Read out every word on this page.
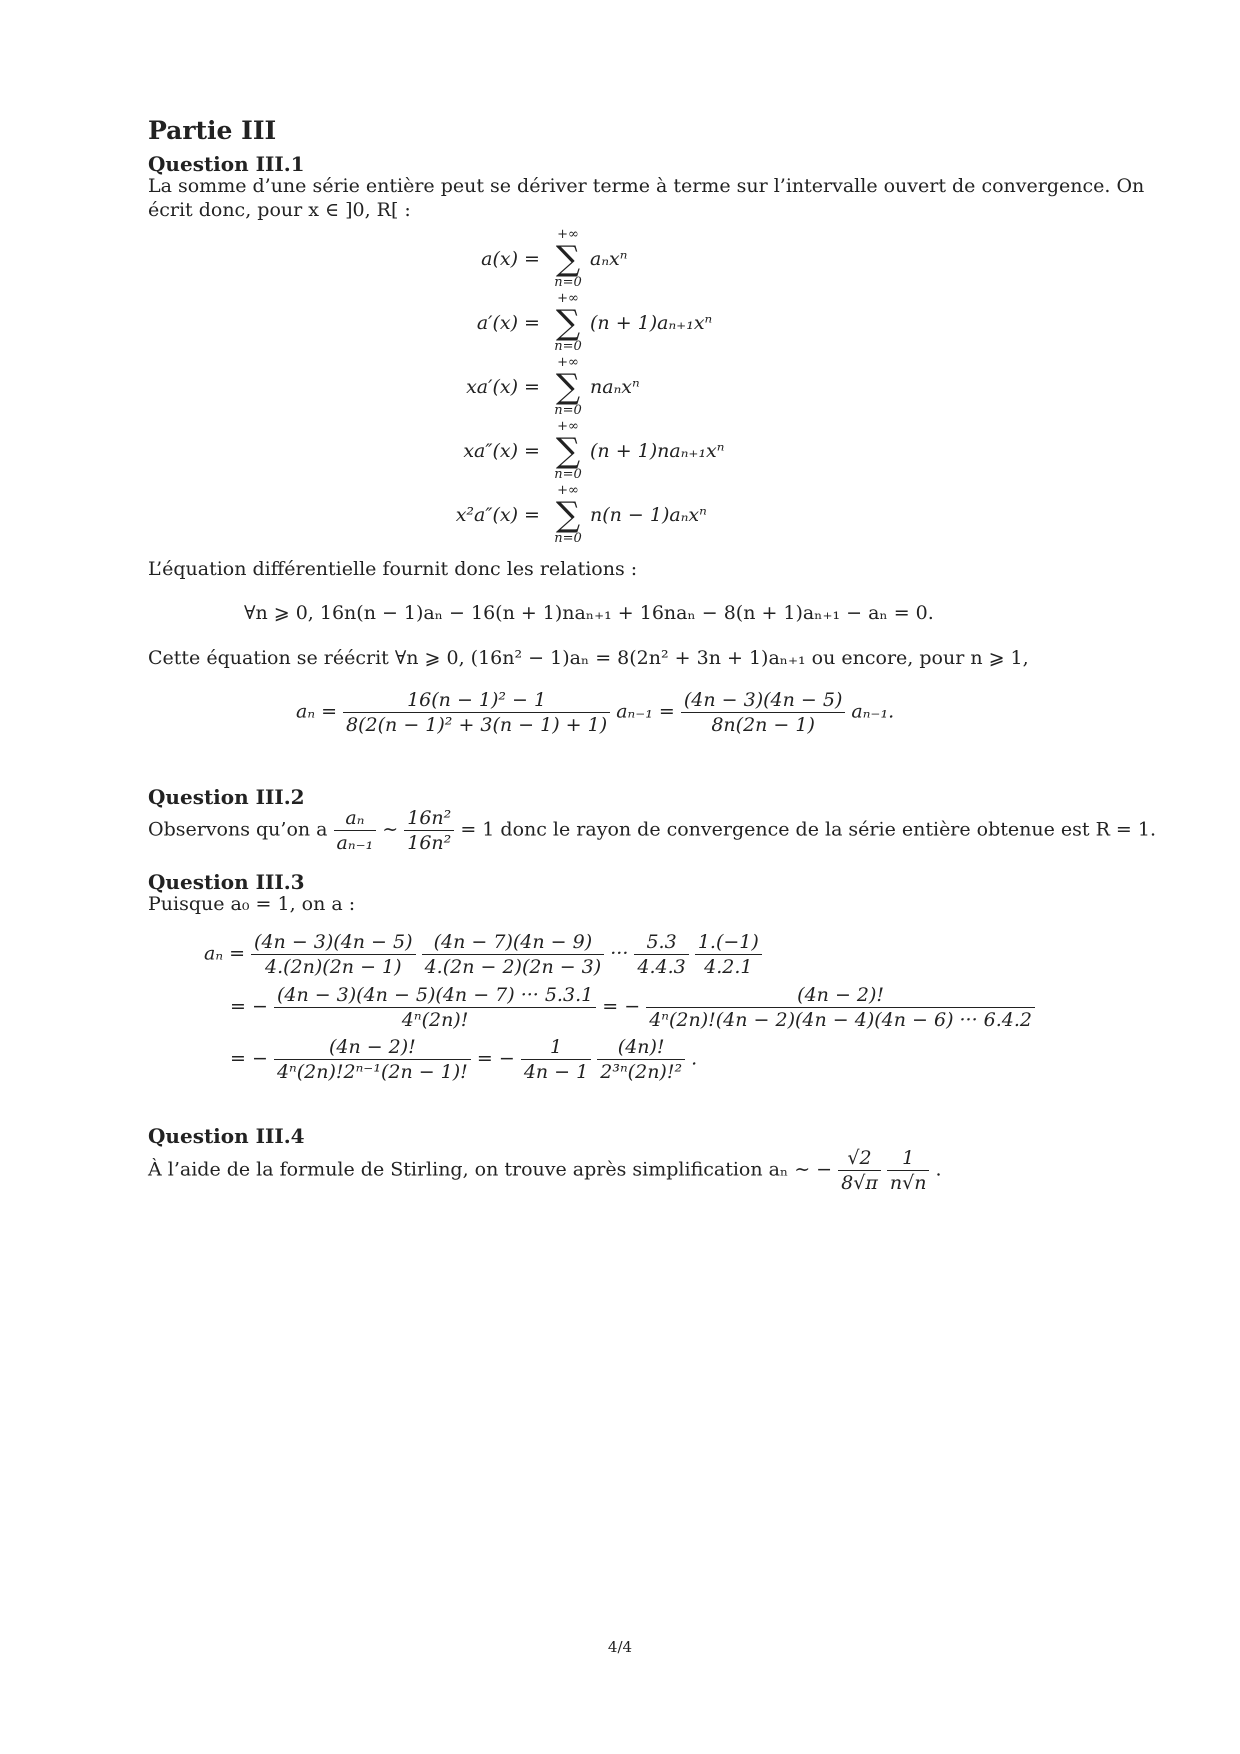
Partie III
Question III.1
La somme d’une série entière peut se dériver terme à terme sur l’intervalle ouvert de convergence. On
écrit donc, pour x ∈ ]0, R[ :
a(x) =
+∞
∑
n=0
aₙxⁿ
a′(x) =
+∞
∑
n=0
(n + 1)aₙ₊₁xⁿ
xa′(x) =
+∞
∑
n=0
naₙxⁿ
xa″(x) =
+∞
∑
n=0
(n + 1)naₙ₊₁xⁿ
x²a″(x) =
+∞
∑
n=0
n(n − 1)aₙxⁿ
L’équation différentielle fournit donc les relations :
∀n ⩾ 0, 16n(n − 1)aₙ − 16(n + 1)naₙ₊₁ + 16naₙ − 8(n + 1)aₙ₊₁ − aₙ = 0.
Cette équation se réécrit ∀n ⩾ 0, (16n² − 1)aₙ = 8(2n² + 3n + 1)aₙ₊₁ ou encore, pour n ⩾ 1,
$a_n = \frac{\text{16(n − 1)² − 1}}{\text{8(2(n − 1)² + 3(n − 1) + 1)}} a_{n-1} = \frac{(4n - 3)(4n - 5)}{8n(2n - 1)} a_{n-1}$.
Question III.2
Observons qu’on a $\frac{\text{aₙ}}{\text{aₙ₋₁}}$ ∼ $\frac{\text{16n²}}{\text{16n²}} = 1$ donc le rayon de convergence de la série entière obtenue est R = 1.
Question III.3
Puisque a₀ = 1, on a :
$a_n = \frac{(4n - 3)(4n - 5)}{4.(2n)(2n - 1)}$
$\frac{(4n - 7)(4n - 9)}{4.(2n - 2)(2n - 3)}$ ··· $\frac{5.3}{4.4.3}$
$\frac{1.(-1)}{4.2.1}$
= − $\frac{(4n - 3)(4n - 5)(4n - 7) \cdot\cdot\cdot 5.3.1}{\text{4ⁿ(2n)!}}$ = − $\frac{(4n - 2)!}{\text{4ⁿ(2n)!(4n − 2)(4n − 4)(4n − 6) ··· 6.4.2}}$
= − $\frac{(4n - 2)!}{\text{4ⁿ(2n)!2ⁿ⁻¹(2n − 1)!}}$ = − $\frac{1}{4n - 1}$
$\frac{(4n)!}{\text{2³ⁿ(2n)!²}}$ .
Question III.4
À l’aide de la formule de Stirling, on trouve après simplification aₙ ∼ − $\frac{√2}{8√\pi}$
$\frac{1}{n√n}$ .
4/4
